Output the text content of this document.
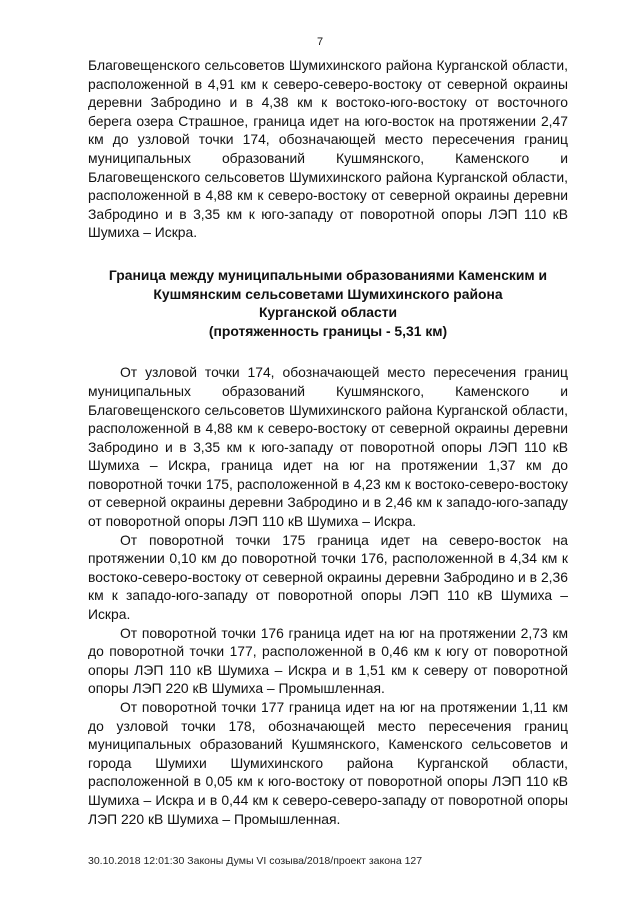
7

Благовещенского сельсоветов Шумихинского района Курганской области, расположенной в 4,91 км к северо-северо-востоку от северной окраины деревни Забродино и в 4,38 км к востоко-юго-востоку от восточного берега озера Страшное, граница идет на юго-восток на протяжении 2,47 км до узловой точки 174, обозначающей место пересечения границ муниципальных образований Кушмянского, Каменского и Благовещенского сельсоветов Шумихинского района Курганской области, расположенной в 4,88 км к северо-востоку от северной окраины деревни Забродино и в 3,35 км к юго-западу от поворотной опоры ЛЭП 110 кВ Шумиха – Искра.

Граница между муниципальными образованиями Каменским и
Кушмянским сельсоветами Шумихинского района
Курганской области
(протяженность границы - 5,31 км)

От узловой точки 174, обозначающей место пересечения границ муниципальных образований Кушмянского, Каменского и Благовещенского сельсоветов Шумихинского района Курганской области, расположенной в 4,88 км к северо-востоку от северной окраины деревни Забродино и в 3,35 км к юго-западу от поворотной опоры ЛЭП 110 кВ Шумиха – Искра, граница идет на юг на протяжении 1,37 км до поворотной точки 175, расположенной в 4,23 км к востоко-северо-востоку от северной окраины деревни Забродино и в 2,46 км к западо-юго-западу от поворотной опоры ЛЭП 110 кВ Шумиха – Искра.

От поворотной точки 175 граница идет на северо-восток на протяжении 0,10 км до поворотной точки 176, расположенной в 4,34 км к востоко-северо-востоку от северной окраины деревни Забродино и в 2,36 км к западо-юго-западу от поворотной опоры ЛЭП 110 кВ Шумиха – Искра.

От поворотной точки 176 граница идет на юг на протяжении 2,73 км до поворотной точки 177, расположенной в 0,46 км к югу от поворотной опоры ЛЭП 110 кВ Шумиха – Искра и в 1,51 км к северу от поворотной опоры ЛЭП 220 кВ Шумиха – Промышленная.

От поворотной точки 177 граница идет на юг на протяжении 1,11 км до узловой точки 178, обозначающей место пересечения границ муниципальных образований Кушмянского, Каменского сельсоветов и города Шумихи Шумихинского района Курганской области, расположенной в 0,05 км к юго-востоку от поворотной опоры ЛЭП 110 кВ Шумиха – Искра и в 0,44 км к северо-северо-западу от поворотной опоры ЛЭП 220 кВ Шумиха – Промышленная.

30.10.2018 12:01:30 Законы Думы VI созыва/2018/проект закона 127
